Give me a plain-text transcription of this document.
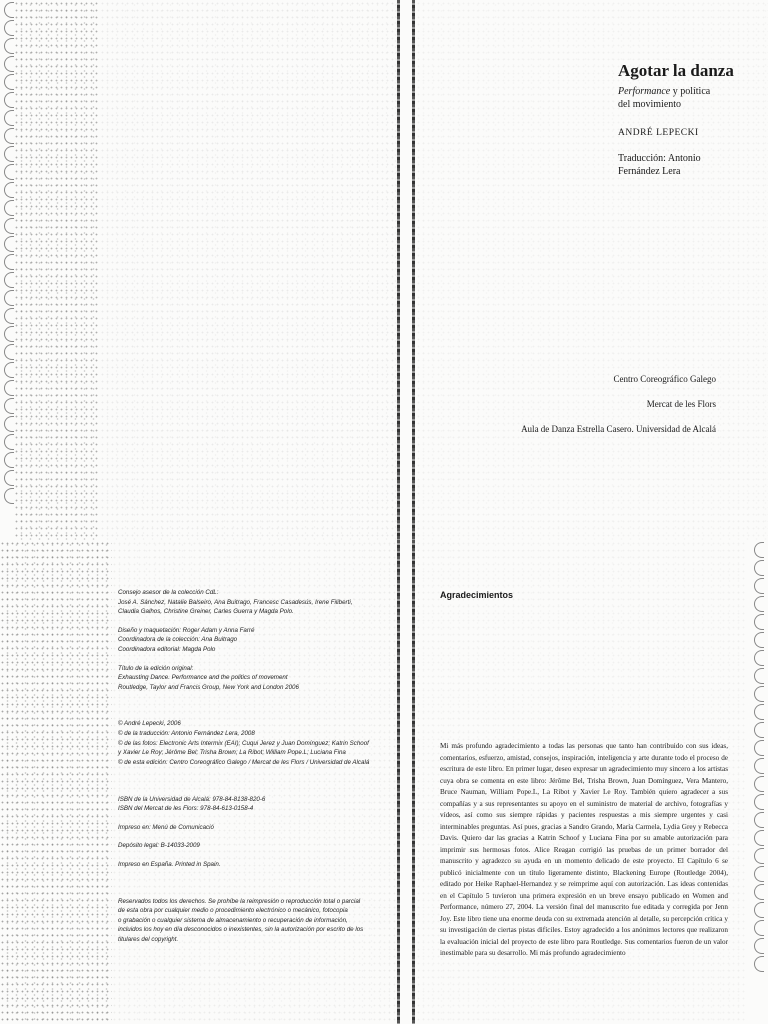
Agotar la danza

Performance y política
del movimiento

ANDRÉ LEPECKI

Traducción: Antonio
Fernández Lera

Centro Coreográfico Galego
Mercat de les Flors
Aula de Danza Estrella Casero. Universidad de Alcalá
Consejo asesor de la colección CdL:
José A. Sánchez, Natalie Balseiro, Ana Buitrago, Francesc Casadesús, Irene Filiberti,
Claudia Galhos, Christine Greiner, Carles Guerra y Magda Polo.
Diseño y maquetación: Roger Adam y Anna Farré
Coordinadora de la colección: Ana Buitrago
Coordinadora editorial: Magda Polo
Título de la edición original:
Exhausting Dance. Performance and the politics of movement
Routledge, Taylor and Francis Group, New York and London 2006
© André Lepecki, 2006
© de la traducción: Antonio Fernández Lera, 2008
© de las fotos: Electronic Arts Intermix (EAI); Cuqui Jerez y Juan Domínguez; Katrin Schoof
y Xavier Le Roy; Jérôme Bel; Trisha Brown; La Ribot; William Pope.L; Luciana Fina
© de esta edición: Centro Coreográfico Galego / Mercat de les Flors / Universidad de Alcalá
ISBN de la Universidad de Alcalá: 978-84-8138-820-6
ISBN del Mercat de les Flors: 978-84-613-0158-4
Impreso en: Menú de Comunicació
Depósito legal: B-14033-2009
Impreso en España. Printed in Spain.
Reservados todos los derechos. Se prohíbe la reimpresión o reproducción total o parcial
de esta obra por cualquier medio o procedimiento electrónico o mecánico, fotocopia
o grabación o cualquier sistema de almacenamiento o recuperación de información,
incluidos los hoy en día desconocidos o inexistentes, sin la autorización por escrito de los
titulares del copyright.

Agradecimientos

Mi más profundo agradecimiento a todas las personas que tanto han contribuido con sus ideas, comentarios, esfuerzo, amistad, consejos, inspiración, inteligencia y arte durante todo el proceso de escritura de este libro. En primer lugar, deseo expresar un agradecimiento muy sincero a los artistas cuya obra se comenta en este libro: Jérôme Bel, Trisha Brown, Juan Domínguez, Vera Mantero, Bruce Nauman, William Pope.L, La Ribot y Xavier Le Roy. También quiero agradecer a sus compañías y a sus representantes su apoyo en el suministro de material de archivo, fotografías y vídeos, así como sus siempre rápidas y pacientes respuestas a mis siempre urgentes y casi interminables preguntas. Así pues, gracias a Sandro Grando, María Carmela, Lydia Grey y Rebecca Davis. Quiero dar las gracias a Katrin Schoof y Luciana Fina por su amable autorización para imprimir sus hermosas fotos. Alice Reagan corrigió las pruebas de un primer borrador del manuscrito y agradezco su ayuda en un momento delicado de este proyecto. El Capítulo 6 se publicó inicialmente con un título ligeramente distinto, Blackening Europe (Routledge 2004), editado por Heike Raphael-Hernandez y se reimprime aquí con autorización. Las ideas contenidas en el Capítulo 5 tuvieron una primera expresión en un breve ensayo publicado en Women and Performance, número 27, 2004. La versión final del manuscrito fue editada y corregida por Jenn Joy. Este libro tiene una enorme deuda con su extremada atención al detalle, su percepción crítica y su investigación de ciertas pistas difíciles. Estoy agradecido a los anónimos lectores que realizaron la evaluación inicial del proyecto de este libro para Routledge. Sus comentarios fueron de un valor inestimable para su desarrollo. Mi más profundo agradecimiento
